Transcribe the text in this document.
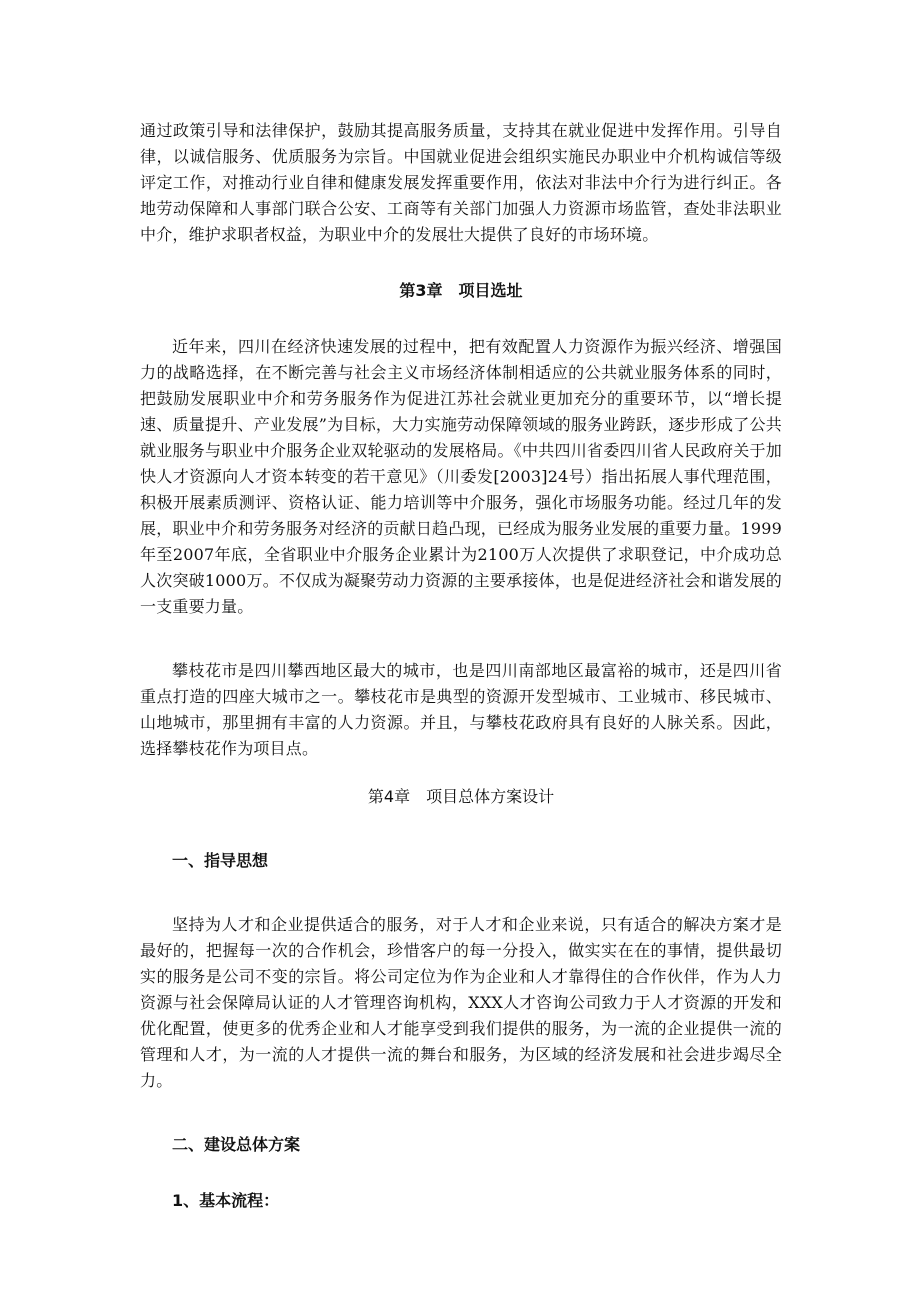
通过政策引导和法律保护，鼓励其提高服务质量，支持其在就业促进中发挥作用。引导自律，以诚信服务、优质服务为宗旨。中国就业促进会组织实施民办职业中介机构诚信等级评定工作，对推动行业自律和健康发展发挥重要作用，依法对非法中介行为进行纠正。各地劳动保障和人事部门联合公安、工商等有关部门加强人力资源市场监管，查处非法职业中介，维护求职者权益，为职业中介的发展壮大提供了良好的市场环境。

第3章　项目选址

近年来，四川在经济快速发展的过程中，把有效配置人力资源作为振兴经济、增强国力的战略选择，在不断完善与社会主义市场经济体制相适应的公共就业服务体系的同时，把鼓励发展职业中介和劳务服务作为促进江苏社会就业更加充分的重要环节，以“增长提速、质量提升、产业发展”为目标，大力实施劳动保障领域的服务业跨跃，逐步形成了公共就业服务与职业中介服务企业双轮驱动的发展格局。《中共四川省委四川省人民政府关于加快人才资源向人才资本转变的若干意见》（川委发[2003]24号）指出拓展人事代理范围，积极开展素质测评、资格认证、能力培训等中介服务，强化市场服务功能。经过几年的发展，职业中介和劳务服务对经济的贡献日趋凸现，已经成为服务业发展的重要力量。1999年至2007年底，全省职业中介服务企业累计为2100万人次提供了求职登记，中介成功总人次突破1000万。不仅成为凝聚劳动力资源的主要承接体，也是促进经济社会和谐发展的一支重要力量。

攀枝花市是四川攀西地区最大的城市，也是四川南部地区最富裕的城市，还是四川省重点打造的四座大城市之一。攀枝花市是典型的资源开发型城市、工业城市、移民城市、山地城市，那里拥有丰富的人力资源。并且，与攀枝花政府具有良好的人脉关系。因此，选择攀枝花作为项目点。

第4章　项目总体方案设计

一、指导思想

坚持为人才和企业提供适合的服务，对于人才和企业来说，只有适合的解决方案才是最好的，把握每一次的合作机会，珍惜客户的每一分投入，做实实在在的事情，提供最切实的服务是公司不变的宗旨。将公司定位为作为企业和人才靠得住的合作伙伴，作为人力资源与社会保障局认证的人才管理咨询机构，XXX人才咨询公司致力于人才资源的开发和优化配置，使更多的优秀企业和人才能享受到我们提供的服务，为一流的企业提供一流的管理和人才，为一流的人才提供一流的舞台和服务，为区域的经济发展和社会进步竭尽全力。

二、建设总体方案

1、基本流程：
